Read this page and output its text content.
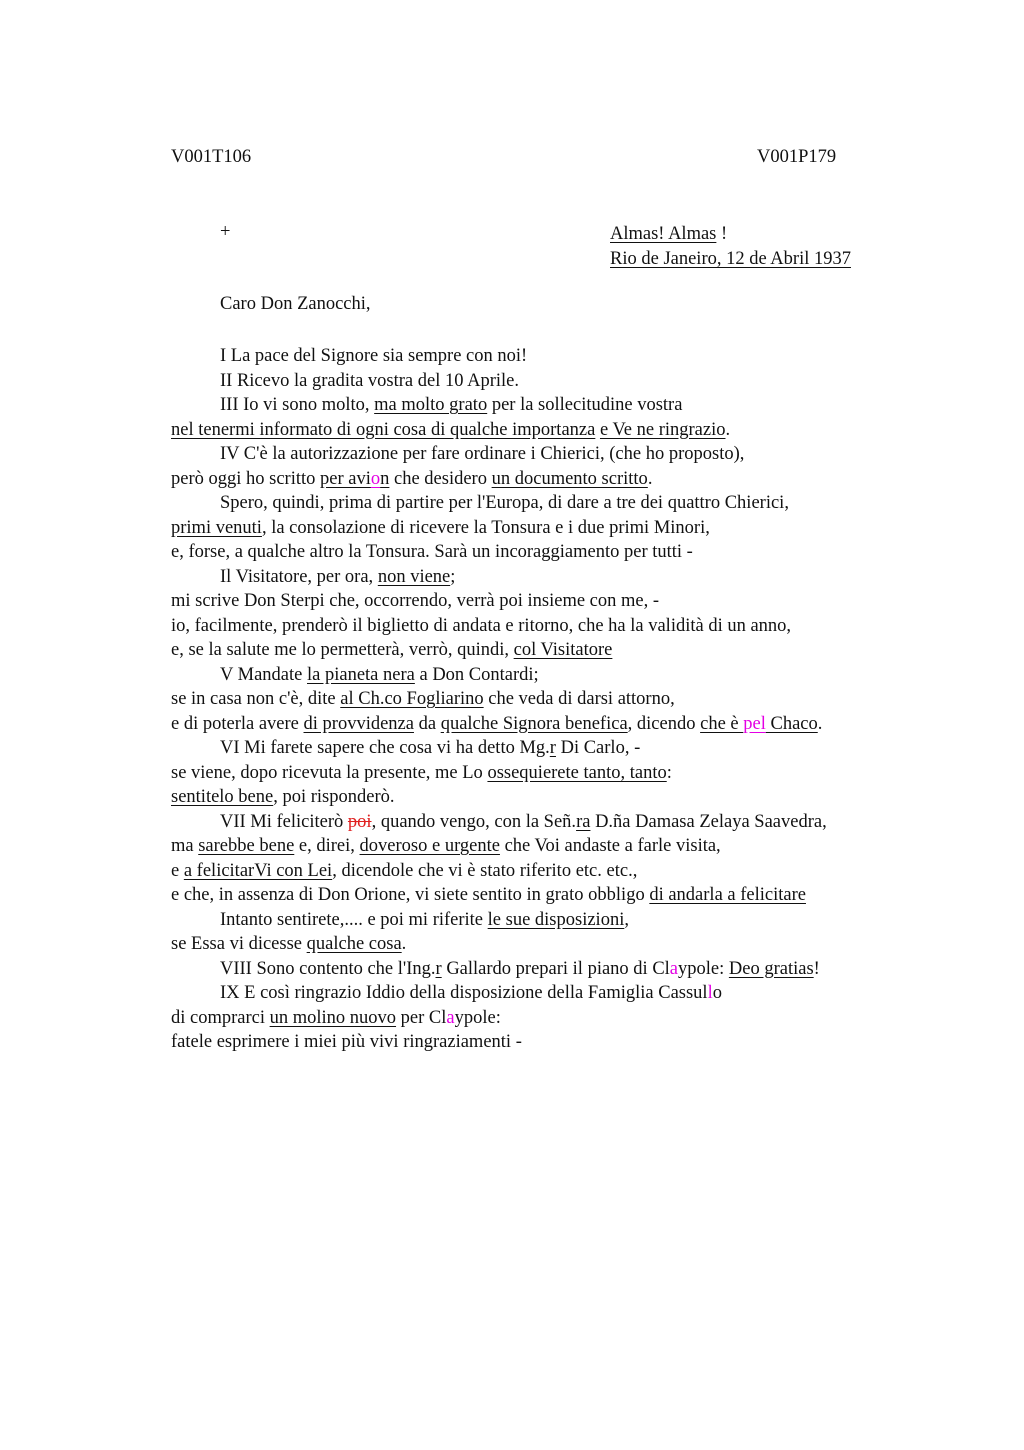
V001T106	V001P179
+	Almas! Almas !
Rio de Janeiro, 12 de Abril 1937
Caro Don Zanocchi,
I La pace del Signore sia sempre con noi!
II Ricevo la gradita vostra del 10 Aprile.
III Io vi sono molto, ma molto grato per la sollecitudine vostra
nel tenermi informato di ogni cosa di qualche importanza e Ve ne ringrazio.
IV C'è la autorizzazione per fare ordinare i Chierici, (che ho proposto),
però oggi ho scritto per avion che desidero un documento scritto.
Spero, quindi, prima di partire per l'Europa, di dare a tre dei quattro Chierici,
primi venuti, la consolazione di ricevere la Tonsura e i due primi Minori,
e, forse, a qualche altro la Tonsura. Sarà un incoraggiamento per tutti -
Il Visitatore, per ora, non viene;
mi scrive Don Sterpi che, occorrendo, verrà poi insieme con me, -
io, facilmente, prenderò il biglietto di andata e ritorno, che ha la validità di un anno,
e, se la salute me lo permetterà, verrò, quindi, col Visitatore
V Mandate la pianeta nera a Don Contardi;
se in casa non c'è, dite al Ch.co Fogliarino che veda di darsi attorno,
e di poterla avere di provvidenza da qualche Signora benefica, dicendo che è pel Chaco.
VI Mi farete sapere che cosa vi ha detto Mg.r Di Carlo, -
se viene, dopo ricevuta la presente, me Lo ossequierete tanto, tanto:
sentitelo bene, poi risponderò.
VII Mi feliciterò poi, quando vengo, con la Señ.ra D.ña Damasa Zelaya Saavedra,
ma sarebbe bene e, direi, doveroso e urgente che Voi andaste a farle visita,
e a felicitarVi con Lei, dicendole che vi è stato riferito etc. etc.,
e che, in assenza di Don Orione, vi siete sentito in grato obbligo di andarla a felicitare
Intanto sentirete,.... e poi mi riferite le sue disposizioni,
se Essa vi dicesse qualche cosa.
VIII Sono contento che l'Ing.r Gallardo prepari il piano di Claypole: Deo gratias!
IX E così ringrazio Iddio della disposizione della Famiglia Cassullo
di comprarci un molino nuovo per Claypole:
fatele esprimere i miei più vivi ringraziamenti -
